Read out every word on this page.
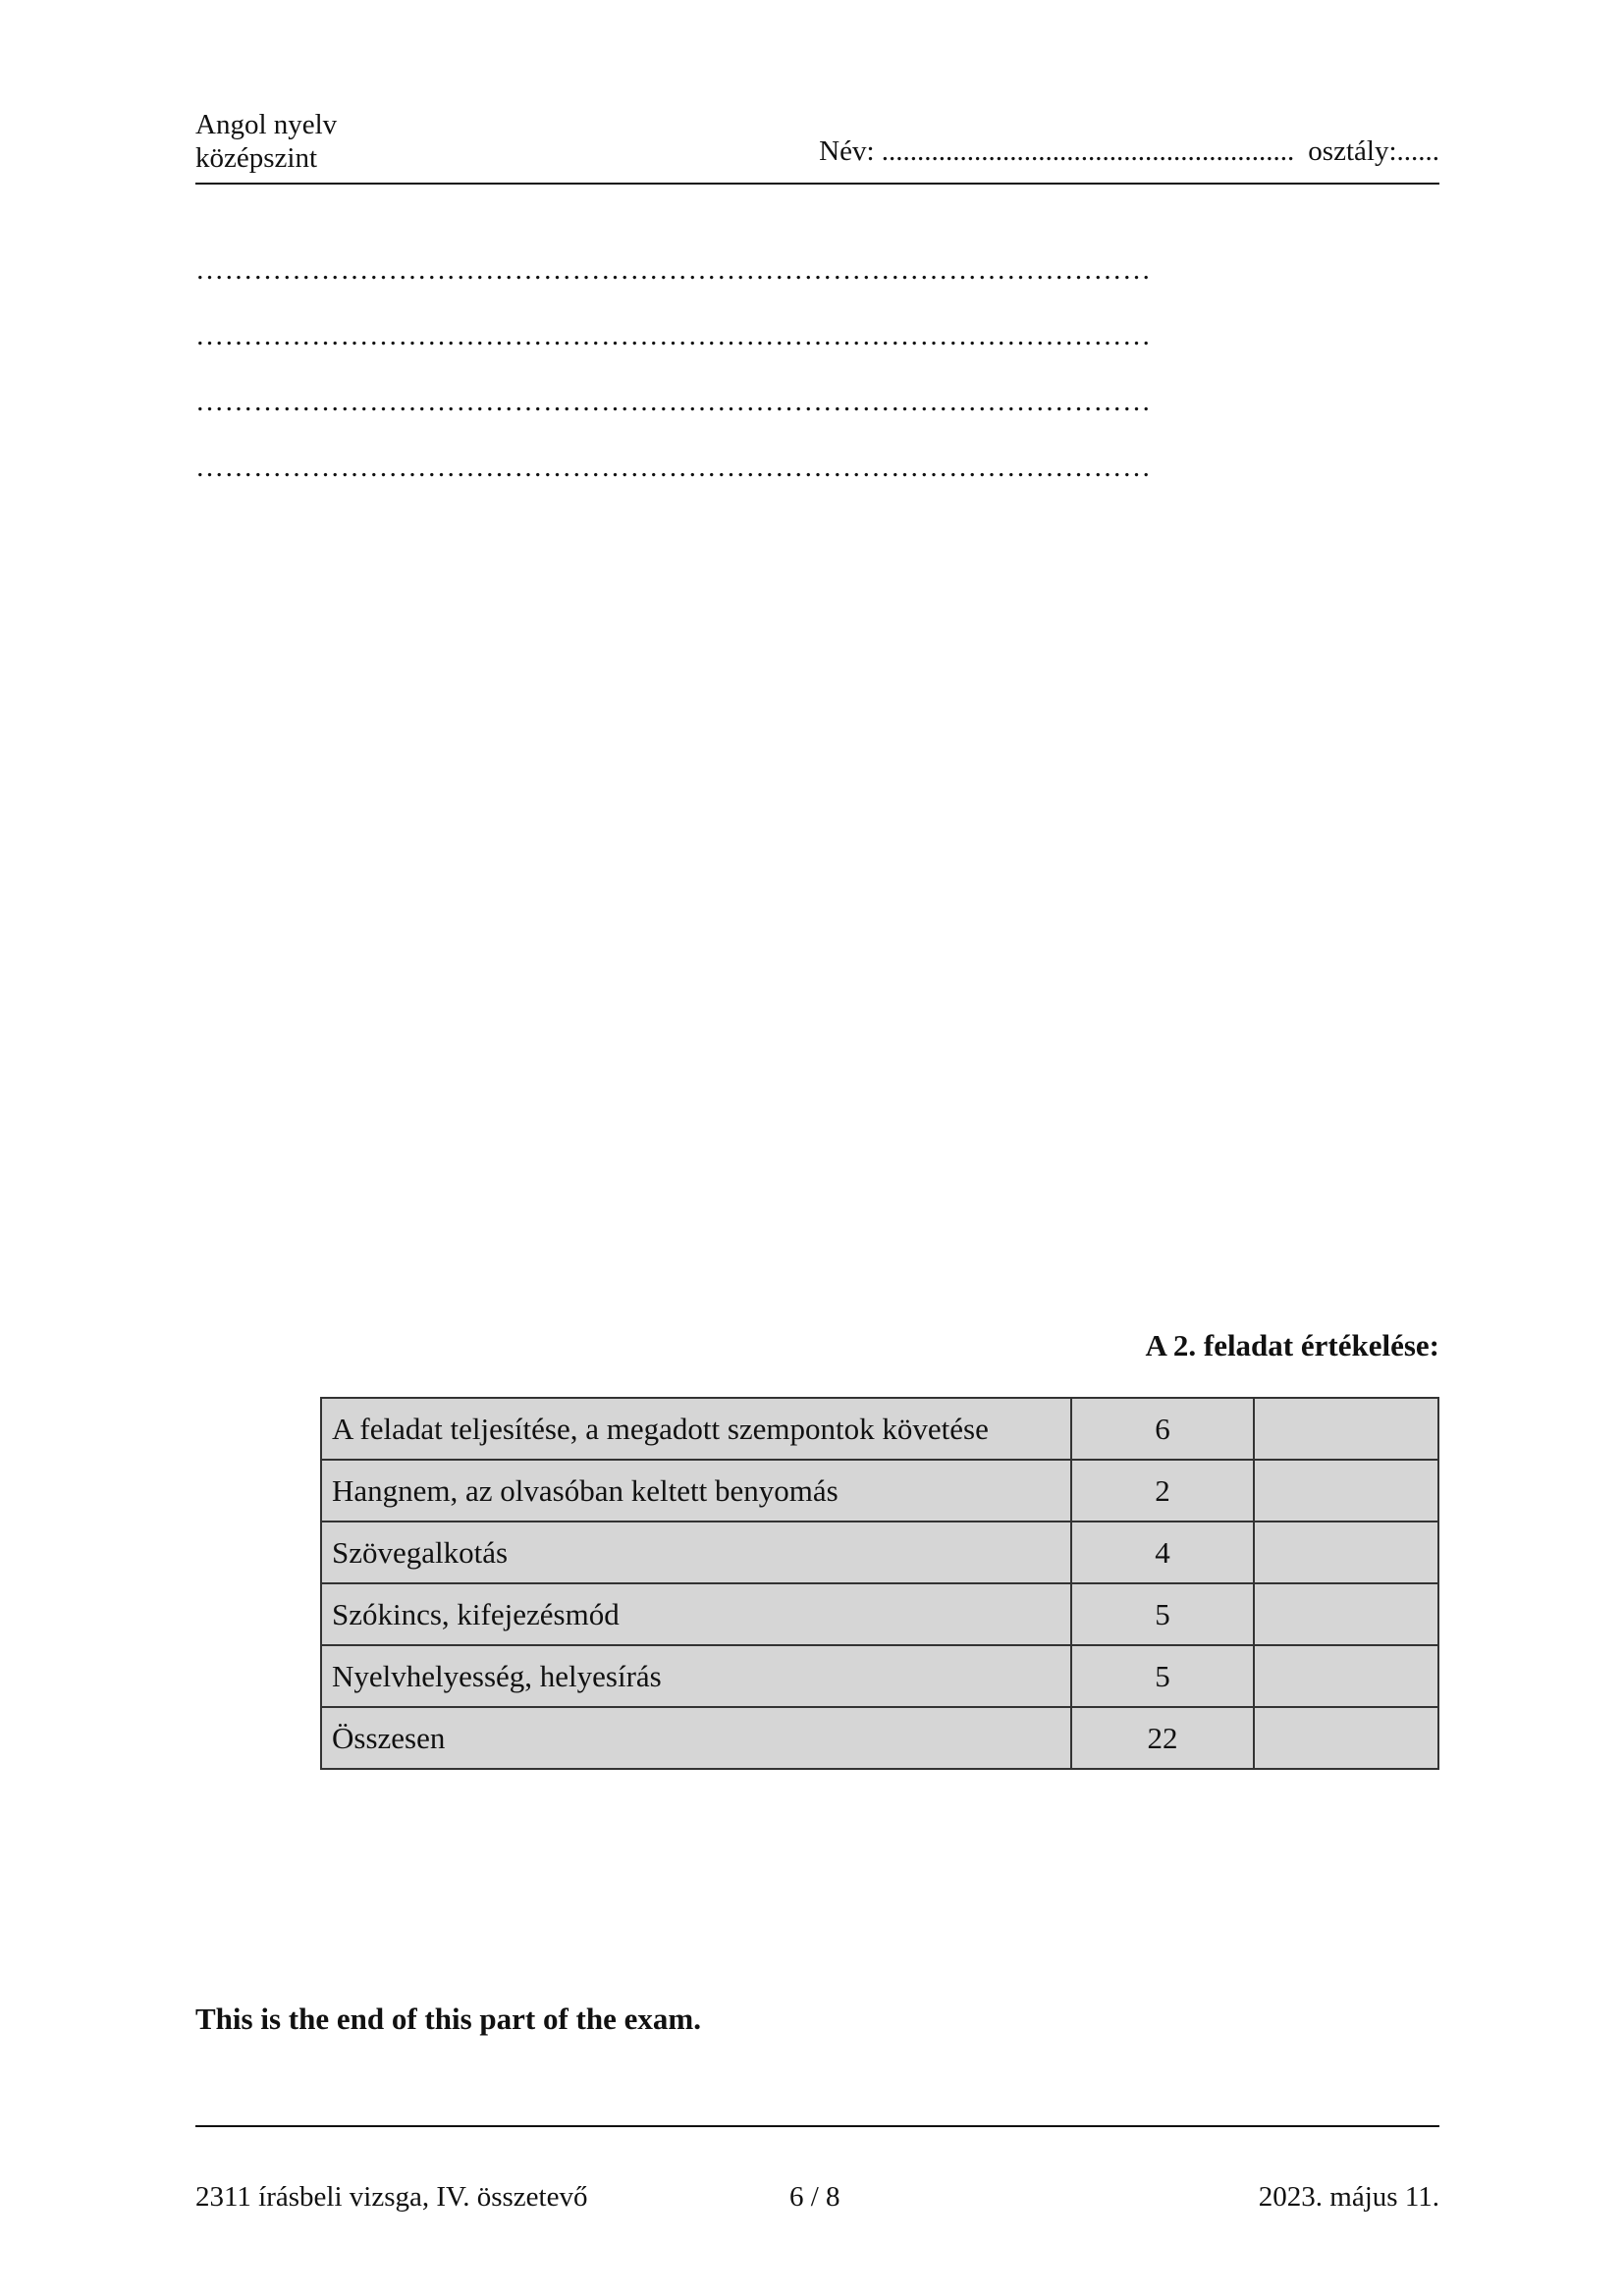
Angol nyelv
középszint	Név: .......................................................... osztály:......
………………………………………………………………………………………
………………………………………………………………………………………
………………………………………………………………………………………
………………………………………………………………………………………
A 2. feladat értékelése:
A feladat teljesítése, a megadott szempontok követése	6	
Hangnem, az olvasóban keltett benyomás	2	
Szövegalkotás	4	
Szókincs, kifejezésmód	5	
Nyelvhelyesség, helyesírás	5	
Összesen	22	
This is the end of this part of the exam.
2311 írásbeli vizsga, IV. összetevő	6 / 8	2023. május 11.
